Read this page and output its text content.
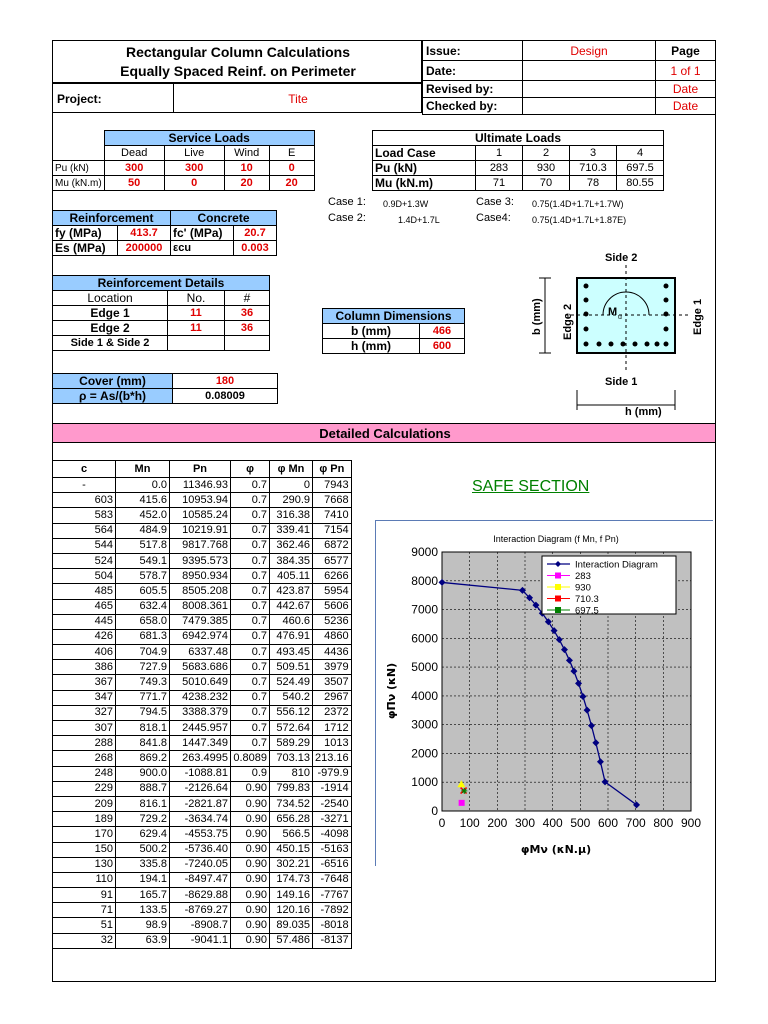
Rectangular Column Calculations
Equally Spaced Reinf. on Perimeter
Project:	Tite
Issue:	Design	Page
Date:		1 of 1
Revised by:		Date
Checked by:		Date
	Service Loads			
	Dead	Live	Wind	E
Pu (kN)	300	300	10	0
Mu (kN.m)	50	0	20	20
Ultimate Loads				
Load Case	1	2	3	4
Pu (kN)	283	930	710.3	697.5
Mu (kN.m)	71	70	78	80.55
Case 1: 0.9D+1.3W	Case 3: 0.75(1.4D+1.7L+1.7W)
Case 2:	1.4D+1.7L	Case4: 0.75(1.4D+1.7L+1.87E)
Reinforcement		Concrete	
fy (MPa)	413.7	fc' (MPa)	20.7
Es (MPa)	200000	εcu	0.003
Reinforcement Details		
Location	No.	#
Edge 1	11	36
Edge 2	11	36
Side 1 & Side 2		
Column Dimensions	
b (mm)	466
h (mm)	600
Cover (mm)	180
ρ = As/(b*h)	0.08009
Side 2
Side 1
h (mm)
b (mm) Edge 2	Edge 1
M u
Detailed Calculations
c	Mn	Pn	φ	φ Mn	φ Pn
-	0.0	11346.93	0.7	0	7943
603	415.6	10953.94	0.7	290.9	7668
583	452.0	10585.24	0.7	316.38	7410
564	484.9	10219.91	0.7	339.41	7154
544	517.8	9817.768	0.7	362.46	6872
524	549.1	9395.573	0.7	384.35	6577
504	578.7	8950.934	0.7	405.11	6266
485	605.5	8505.208	0.7	423.87	5954
465	632.4	8008.361	0.7	442.67	5606
445	658.0	7479.385	0.7	460.6	5236
426	681.3	6942.974	0.7	476.91	4860
406	704.9	6337.48	0.7	493.45	4436
386	727.9	5683.686	0.7	509.51	3979
367	749.3	5010.649	0.7	524.49	3507
347	771.7	4238.232	0.7	540.2	2967
327	794.5	3388.379	0.7	556.12	2372
307	818.1	2445.957	0.7	572.64	1712
288	841.8	1447.349	0.7	589.29	1013
268	869.2	263.4995	0.8089	703.13	213.16
248	900.0	-1088.81	0.9	810	-979.9
229	888.7	-2126.64	0.90	799.83	-1914
209	816.1	-2821.87	0.90	734.52	-2540
189	729.2	-3634.74	0.90	656.28	-3271
170	629.4	-4553.75	0.90	566.5	-4098
150	500.2	-5736.40	0.90	450.15	-5163
130	335.8	-7240.05	0.90	302.21	-6516
110	194.1	-8497.47	0.90	174.73	-7648
91	165.7	-8629.88	0.90	149.16	-7767
71	133.5	-8769.27	0.90	120.16	-7892
51	98.9	-8908.7	0.90	89.035	-8018
32	63.9	-9041.1	0.90	57.486	-8137
SAFE SECTION
Interaction Diagram (f Mn, f Pn)
φMν (κΝ.μ)
φΠν (κΝ)
0 100 200 300 400 500 600 700 800 900
0
1000
2000
3000
4000
5000
6000
7000
8000
9000
Interaction Diagram
283
930
710.3
697.5
